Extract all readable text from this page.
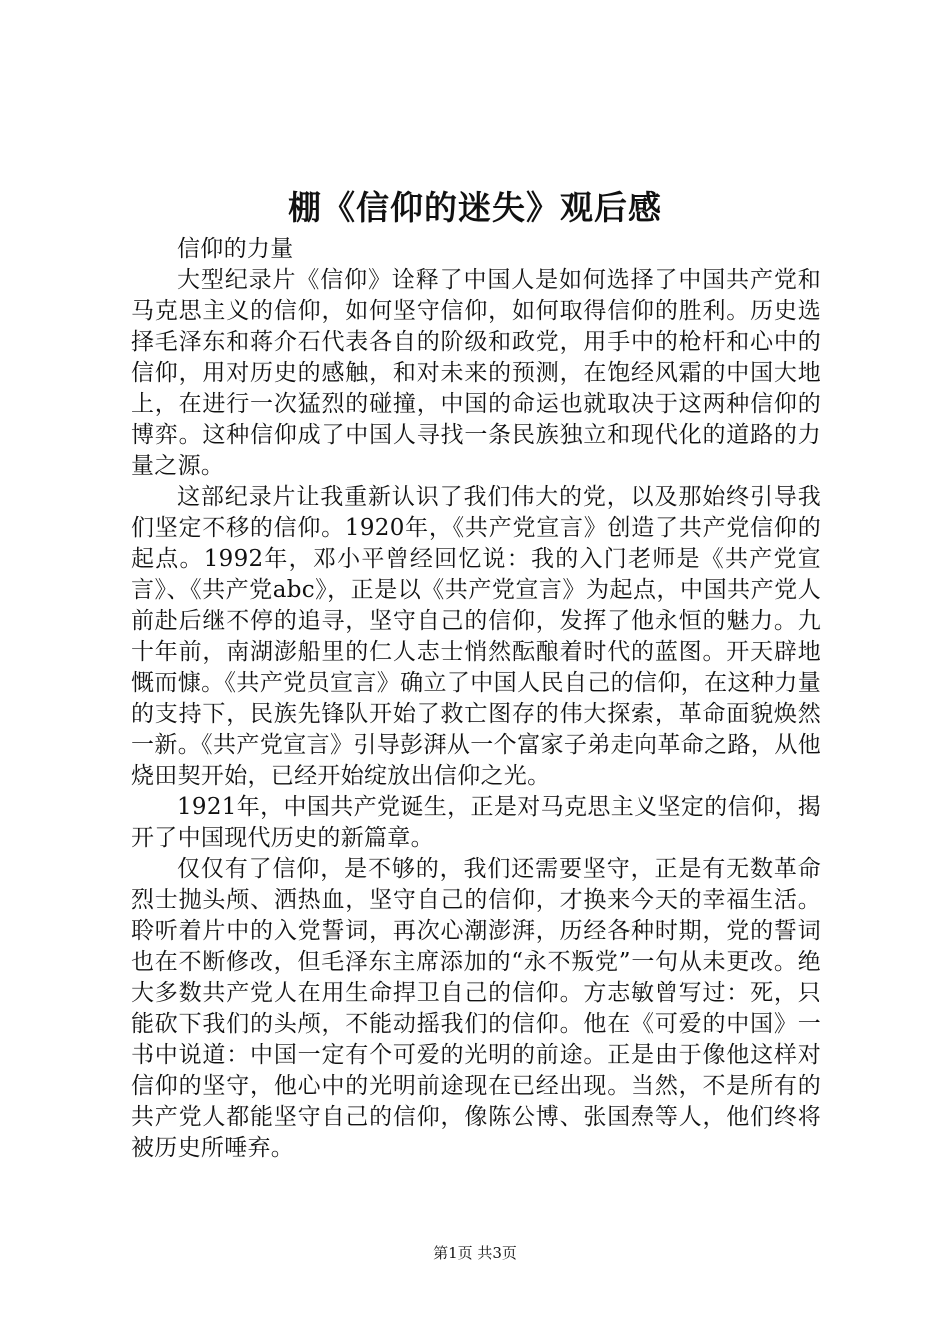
棚《信仰的迷失》观后感

信仰的力量

大型纪录片《信仰》诠释了中国人是如何选择了中国共产党和马克思主义的信仰，如何坚守信仰，如何取得信仰的胜利。历史选择毛泽东和蒋介石代表各自的阶级和政党，用手中的枪杆和心中的信仰，用对历史的感触，和对未来的预测，在饱经风霜的中国大地上，在进行一次猛烈的碰撞，中国的命运也就取决于这两种信仰的博弈。这种信仰成了中国人寻找一条民族独立和现代化的道路的力量之源。

这部纪录片让我重新认识了我们伟大的党，以及那始终引导我们坚定不移的信仰。1920年，《共产党宣言》创造了共产党信仰的起点。1992年，邓小平曾经回忆说：我的入门老师是《共产党宣言》、《共产党abc》，正是以《共产党宣言》为起点，中国共产党人前赴后继不停的追寻，坚守自己的信仰，发挥了他永恒的魅力。九十年前，南湖澎船里的仁人志士悄然酝酿着时代的蓝图。开天辟地慨而慷。《共产党员宣言》确立了中国人民自己的信仰，在这种力量的支持下，民族先锋队开始了救亡图存的伟大探索，革命面貌焕然一新。《共产党宣言》引导彭湃从一个富家子弟走向革命之路，从他烧田契开始，已经开始绽放出信仰之光。

1921年，中国共产党诞生，正是对马克思主义坚定的信仰，揭开了中国现代历史的新篇章。

仅仅有了信仰，是不够的，我们还需要坚守，正是有无数革命烈士抛头颅、洒热血，坚守自己的信仰，才换来今天的幸福生活。聆听着片中的入党誓词，再次心潮澎湃，历经各种时期，党的誓词也在不断修改，但毛泽东主席添加的“永不叛党”一句从未更改。绝大多数共产党人在用生命捍卫自己的信仰。方志敏曾写过：死，只能砍下我们的头颅，不能动摇我们的信仰。他在《可爱的中国》一书中说道：中国一定有个可爱的光明的前途。正是由于像他这样对信仰的坚守，他心中的光明前途现在已经出现。当然，不是所有的共产党人都能坚守自己的信仰，像陈公博、张国焘等人，他们终将被历史所唾弃。

第1页 共3页
